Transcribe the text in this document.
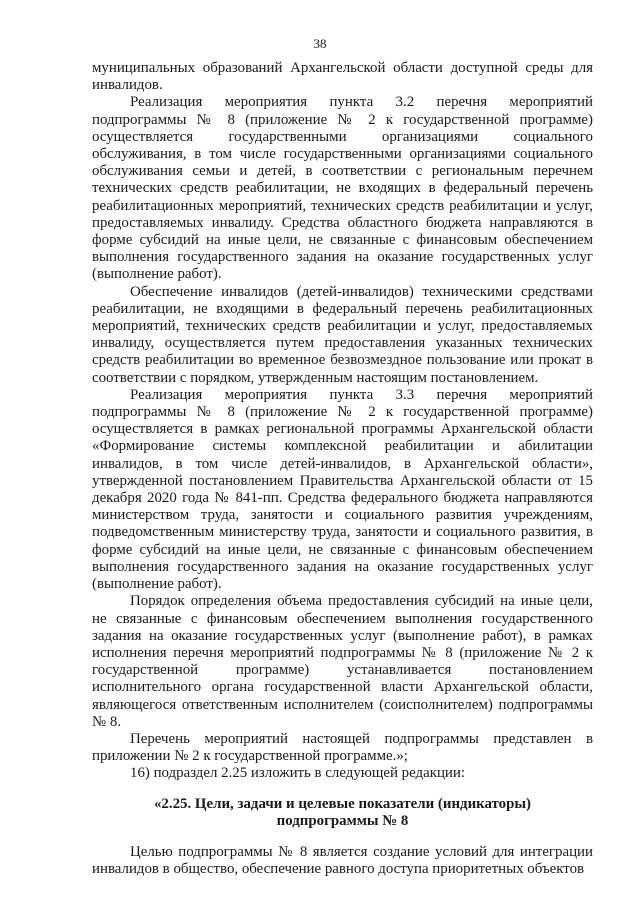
38

муниципальных образований Архангельской области доступной среды для инвалидов.

Реализация мероприятия пункта 3.2 перечня мероприятий подпрограммы № 8 (приложение № 2 к государственной программе) осуществляется государственными организациями социального обслуживания, в том числе государственными организациями социального обслуживания семьи и детей, в соответствии с региональным перечнем технических средств реабилитации, не входящих в федеральный перечень реабилитационных мероприятий, технических средств реабилитации и услуг, предоставляемых инвалиду. Средства областного бюджета направляются в форме субсидий на иные цели, не связанные с финансовым обеспечением выполнения государственного задания на оказание государственных услуг (выполнение работ).

Обеспечение инвалидов (детей-инвалидов) техническими средствами реабилитации, не входящими в федеральный перечень реабилитационных мероприятий, технических средств реабилитации и услуг, предоставляемых инвалиду, осуществляется путем предоставления указанных технических средств реабилитации во временное безвозмездное пользование или прокат в соответствии с порядком, утвержденным настоящим постановлением.

Реализация мероприятия пункта 3.3 перечня мероприятий подпрограммы № 8 (приложение № 2 к государственной программе) осуществляется в рамках региональной программы Архангельской области «Формирование системы комплексной реабилитации и абилитации инвалидов, в том числе детей-инвалидов, в Архангельской области», утвержденной постановлением Правительства Архангельской области от 15 декабря 2020 года № 841-пп. Средства федерального бюджета направляются министерством труда, занятости и социального развития учреждениям, подведомственным министерству труда, занятости и социального развития, в форме субсидий на иные цели, не связанные с финансовым обеспечением выполнения государственного задания на оказание государственных услуг (выполнение работ).

Порядок определения объема предоставления субсидий на иные цели, не связанные с финансовым обеспечением выполнения государственного задания на оказание государственных услуг (выполнение работ), в рамках исполнения перечня мероприятий подпрограммы № 8 (приложение № 2 к государственной программе) устанавливается постановлением исполнительного органа государственной власти Архангельской области, являющегося ответственным исполнителем (соисполнителем) подпрограммы № 8.

Перечень мероприятий настоящей подпрограммы представлен в приложении № 2 к государственной программе.»;

16) подраздел 2.25 изложить в следующей редакции:

«2.25. Цели, задачи и целевые показатели (индикаторы)
подпрограммы № 8

Целью подпрограммы № 8 является создание условий для интеграции инвалидов в общество, обеспечение равного доступа приоритетных объектов
